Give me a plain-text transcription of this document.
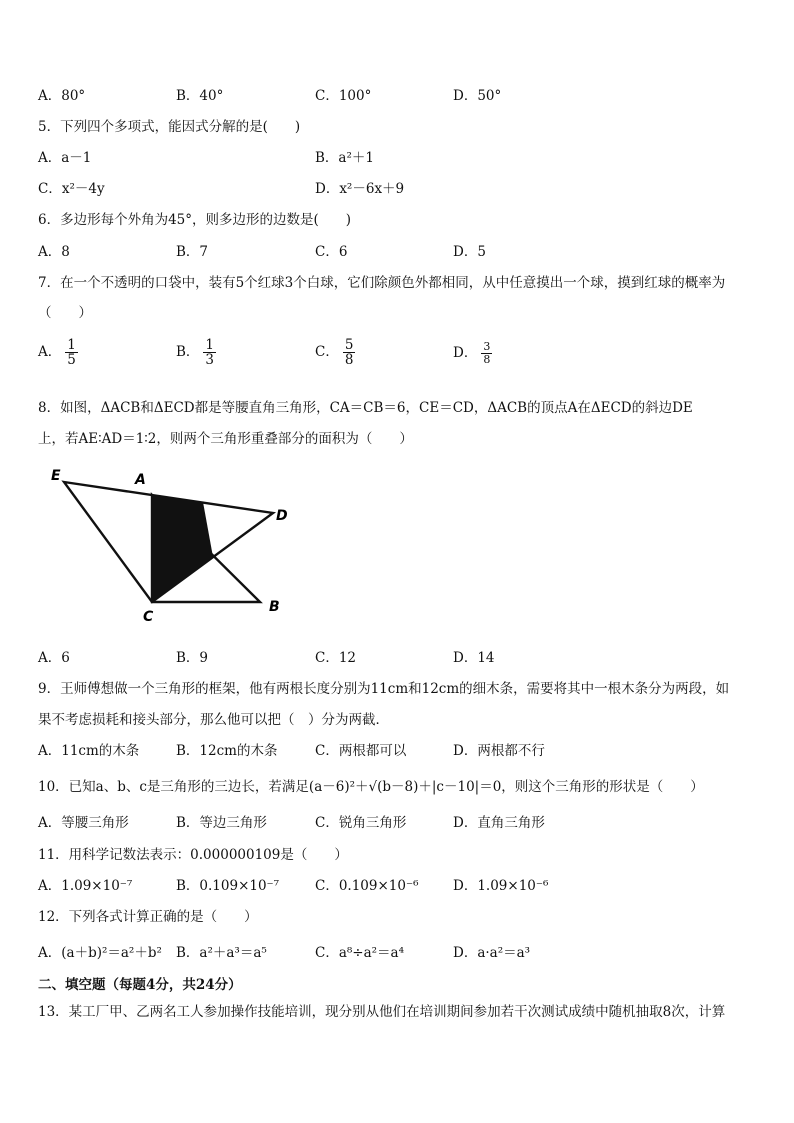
A．80°	B．40°	C．100°	D．50°
5．下列四个多项式，能因式分解的是(　　)
A．a－1	B．a²＋1
C．x²－4y	D．x²－6x＋9
6．多边形每个外角为45°，则多边形的边数是(　　)
A．8	B．7	C．6	D．5
7．在一个不透明的口袋中，装有5个红球3个白球，它们除颜色外都相同，从中任意摸出一个球，摸到红球的概率为
（　　）
A． $\frac{1}{5}$	B． $\frac{1}{3}$	C． $\frac{5}{8}$	D． $\frac{3}{8}$
8．如图，ΔACB和ΔECD都是等腰直角三角形，CA＝CB＝6，CE＝CD，ΔACB的顶点A在ΔECD的斜边DE
上，若AE∶AD＝1∶2，则两个三角形重叠部分的面积为（　　）
E	A
D
C
B
A．6	B．9	C．12	D．14
9．王师傅想做一个三角形的框架，他有两根长度分别为11cm和12cm的细木条，需要将其中一根木条分为两段，如
果不考虑损耗和接头部分，那么他可以把（　）分为两截．
A．11cm的木条	B．12cm的木条	C．两根都可以	D．两根都不行
10．已知a、b、c是三角形的三边长，若满足(a－6)²＋√(b－8)＋|c－10|＝0，则这个三角形的形状是（　　）
A．等腰三角形	B．等边三角形	C．锐角三角形	D．直角三角形
11．用科学记数法表示：0.000000109是（　　）
A．1.09×10⁻⁷	B．0.109×10⁻⁷	C．0.109×10⁻⁶	D．1.09×10⁻⁶
12．下列各式计算正确的是（　　）
A．(a＋b)²＝a²＋b² B．a²＋a³＝a⁵	C．a⁸÷a²＝a⁴	D．a·a²＝a³
二、填空题（每题4分，共24分）
13．某工厂甲、乙两名工人参加操作技能培训，现分别从他们在培训期间参加若干次测试成绩中随机抽取8次，计算
